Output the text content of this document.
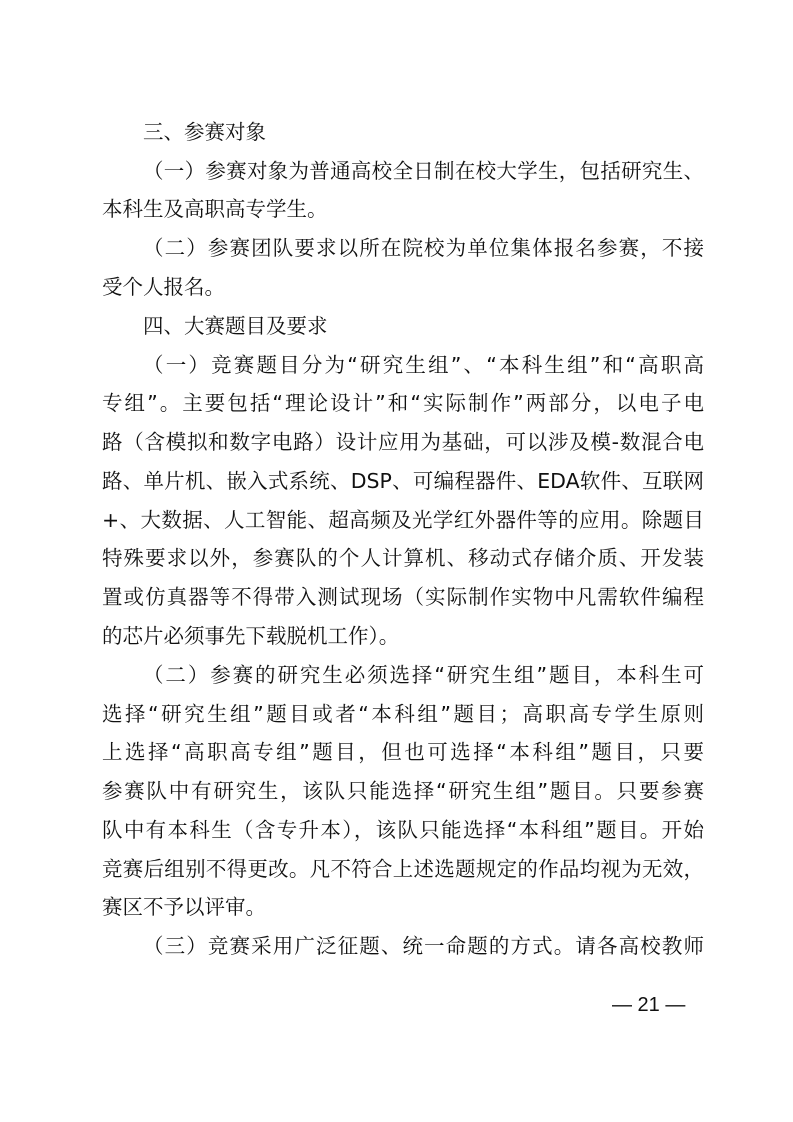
三、参赛对象
（一）参赛对象为普通高校全日制在校大学生，包括研究生、
本科生及高职高专学生。
（二）参赛团队要求以所在院校为单位集体报名参赛，不接
受个人报名。
四、大赛题目及要求
（一）竞赛题目分为“研究生组”、“本科生组”和“高职高
专组”。主要包括“理论设计”和“实际制作”两部分，以电子电
路（含模拟和数字电路）设计应用为基础，可以涉及模-数混合电
路、单片机、嵌入式系统、DSP、可编程器件、EDA软件、互联网
+、大数据、人工智能、超高频及光学红外器件等的应用。除题目
特殊要求以外，参赛队的个人计算机、移动式存储介质、开发装
置或仿真器等不得带入测试现场（实际制作实物中凡需软件编程
的芯片必须事先下载脱机工作）。
（二）参赛的研究生必须选择“研究生组”题目，本科生可
选择“研究生组”题目或者“本科组”题目；高职高专学生原则
上选择“高职高专组”题目，但也可选择“本科组”题目，只要
参赛队中有研究生，该队只能选择“研究生组”题目。只要参赛
队中有本科生（含专升本），该队只能选择“本科组”题目。开始
竞赛后组别不得更改。凡不符合上述选题规定的作品均视为无效，
赛区不予以评审。
（三）竞赛采用广泛征题、统一命题的方式。请各高校教师
— 21 —
